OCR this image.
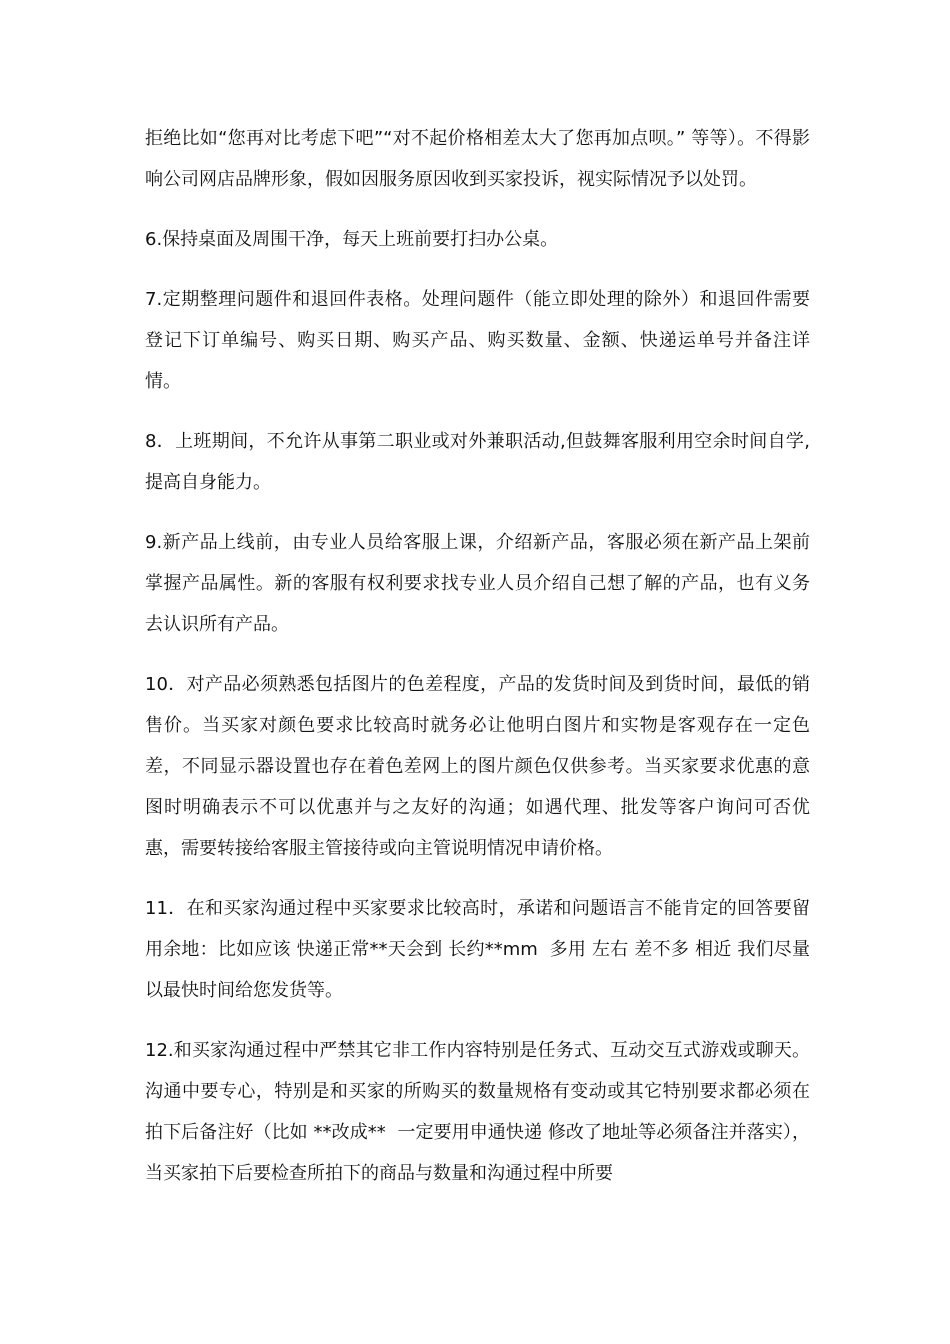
拒绝比如“您再对比考虑下吧”“对不起价格相差太大了您再加点呗。” 等等）。不得影响公司网店品牌形象，假如因服务原因收到买家投诉，视实际情况予以处罚。

6.保持桌面及周围干净，每天上班前要打扫办公桌。

7.定期整理问题件和退回件表格。处理问题件（能立即处理的除外）和退回件需要登记下订单编号、购买日期、购买产品、购买数量、金额、快递运单号并备注详情。

8．上班期间，不允许从事第二职业或对外兼职活动,但鼓舞客服利用空余时间自学,提高自身能力。

9.新产品上线前，由专业人员给客服上课，介绍新产品，客服必须在新产品上架前掌握产品属性。新的客服有权利要求找专业人员介绍自己想了解的产品，也有义务去认识所有产品。

10．对产品必须熟悉包括图片的色差程度，产品的发货时间及到货时间，最低的销售价。当买家对颜色要求比较高时就务必让他明白图片和实物是客观存在一定色差，不同显示器设置也存在着色差网上的图片颜色仅供参考。当买家要求优惠的意图时明确表示不可以优惠并与之友好的沟通；如遇代理、批发等客户询问可否优惠，需要转接给客服主管接待或向主管说明情况申请价格。

11．在和买家沟通过程中买家要求比较高时，承诺和问题语言不能肯定的回答要留用余地：比如应该 快递正常**天会到 长约**mm  多用 左右 差不多 相近 我们尽量以最快时间给您发货等。

12.和买家沟通过程中严禁其它非工作内容特别是任务式、互动交互式游戏或聊天。沟通中要专心，特别是和买家的所购买的数量规格有变动或其它特别要求都必须在拍下后备注好（比如 **改成**  一定要用申通快递 修改了地址等必须备注并落实），当买家拍下后要检查所拍下的商品与数量和沟通过程中所要
